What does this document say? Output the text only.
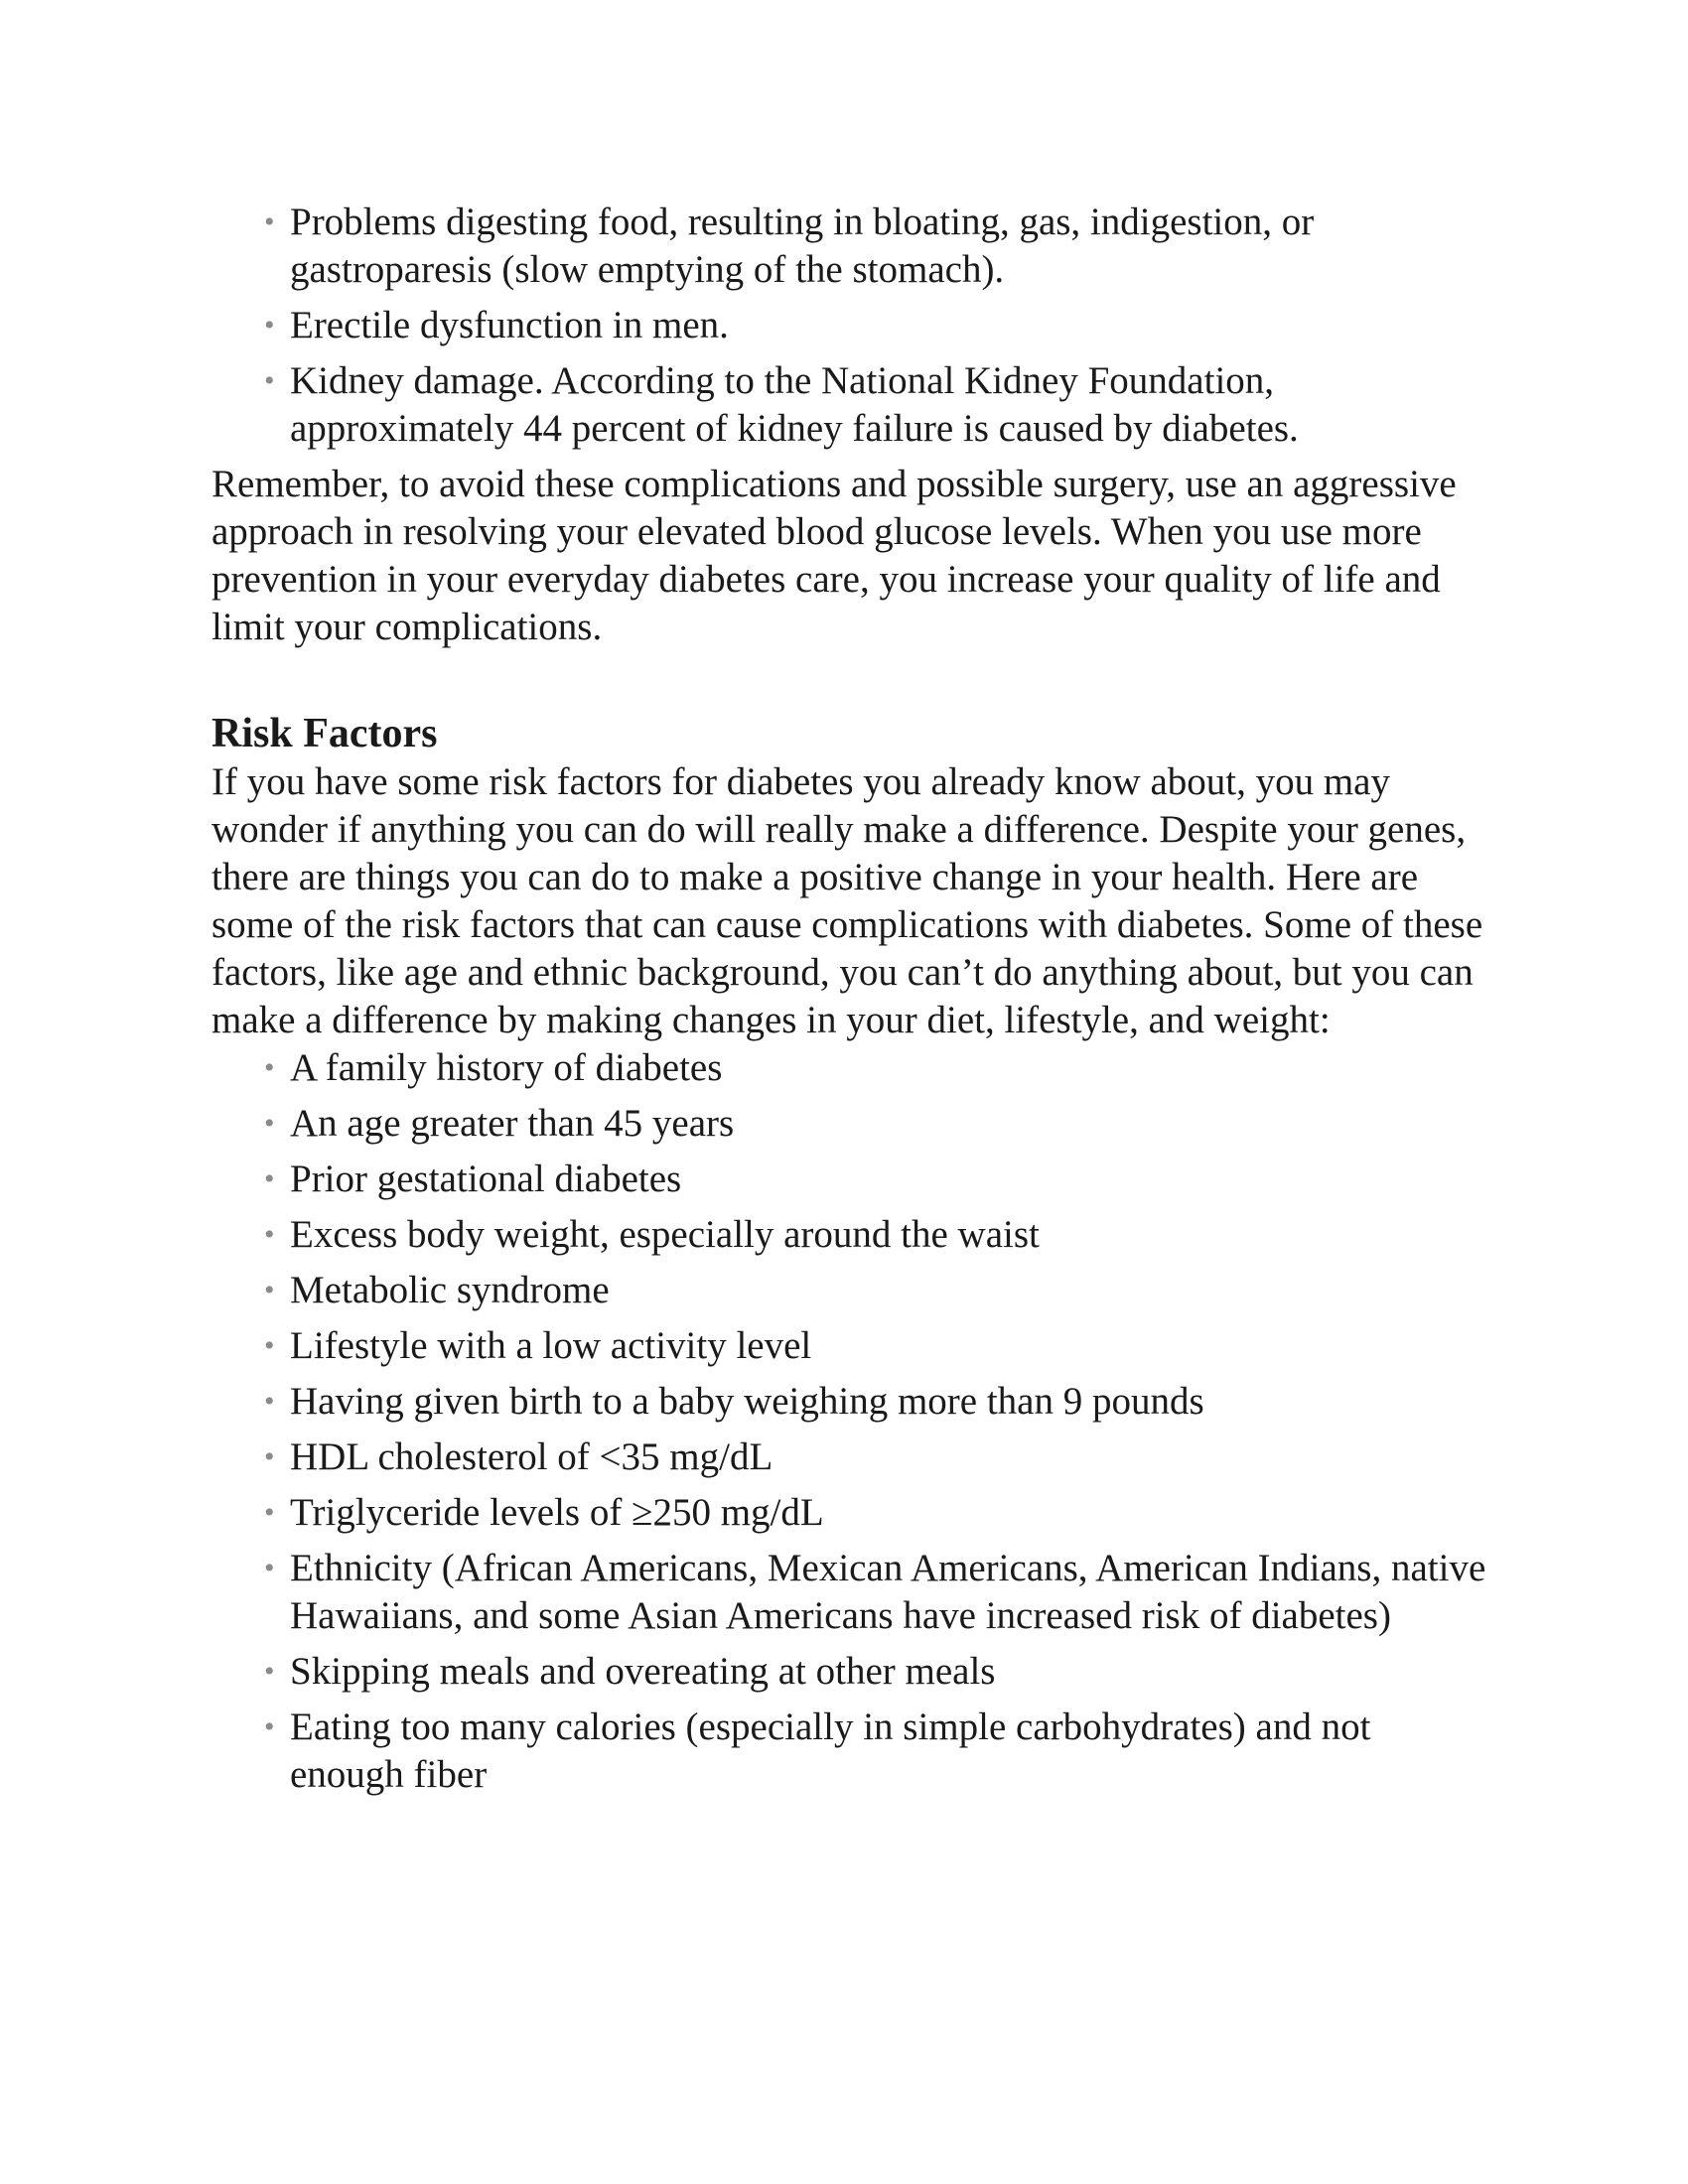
• Problems digesting food, resulting in bloating, gas, indigestion, or gastroparesis (slow emptying of the stomach).
• Erectile dysfunction in men.
• Kidney damage. According to the National Kidney Foundation, approximately 44 percent of kidney failure is caused by diabetes.

Remember, to avoid these complications and possible surgery, use an aggressive approach in resolving your elevated blood glucose levels. When you use more prevention in your everyday diabetes care, you increase your quality of life and limit your complications.

Risk Factors

If you have some risk factors for diabetes you already know about, you may wonder if anything you can do will really make a difference. Despite your genes, there are things you can do to make a positive change in your health. Here are some of the risk factors that can cause complications with diabetes. Some of these factors, like age and ethnic background, you can’t do anything about, but you can make a difference by making changes in your diet, lifestyle, and weight:

• A family history of diabetes
• An age greater than 45 years
• Prior gestational diabetes
• Excess body weight, especially around the waist
• Metabolic syndrome
• Lifestyle with a low activity level
• Having given birth to a baby weighing more than 9 pounds
• HDL cholesterol of <35 mg/dL
• Triglyceride levels of ≥250 mg/dL
• Ethnicity (African Americans, Mexican Americans, American Indians, native Hawaiians, and some Asian Americans have increased risk of diabetes)
• Skipping meals and overeating at other meals
• Eating too many calories (especially in simple carbohydrates) and not enough fiber
